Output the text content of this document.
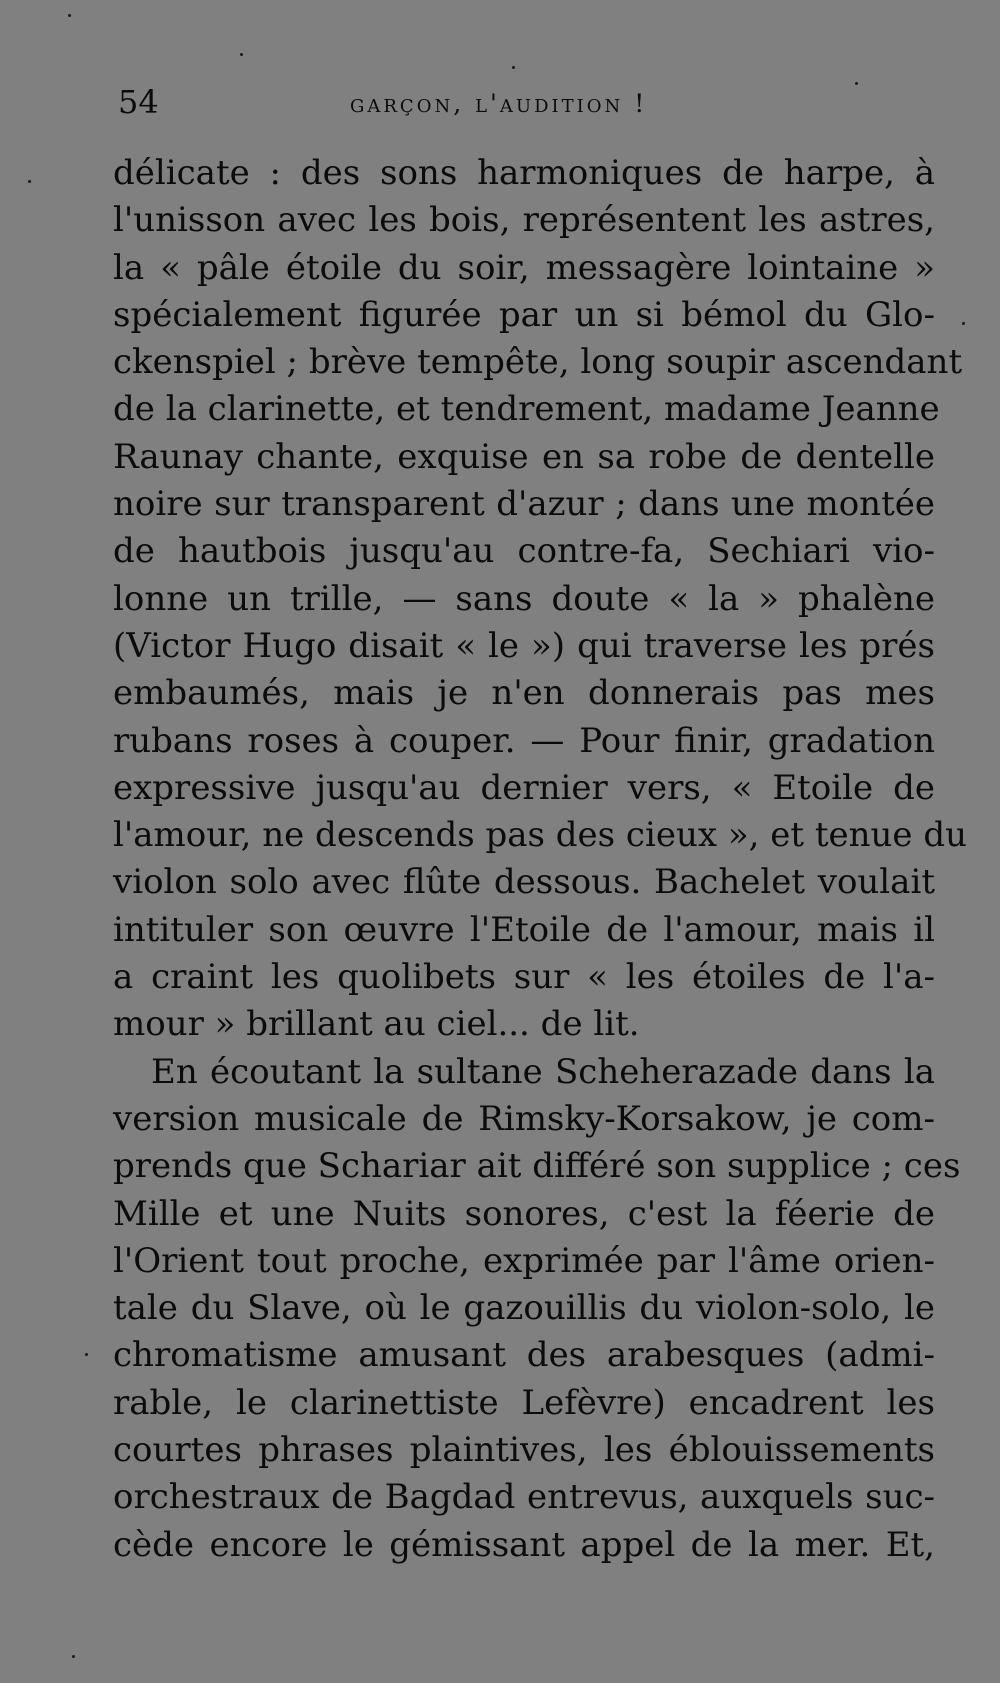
54	garçon, l'audition !
délicate : des sons harmoniques de harpe, à
l'unisson avec les bois, représentent les astres,
la « pâle étoile du soir, messagère lointaine »
spécialement figurée par un si bémol du Glo-
ckenspiel ; brève tempête, long soupir ascendant
de la clarinette, et tendrement, madame Jeanne
Raunay chante, exquise en sa robe de dentelle
noire sur transparent d'azur ; dans une montée
de hautbois jusqu'au contre-fa, Sechiari vio-
lonne un trille, — sans doute « la » phalène
(Victor Hugo disait « le ») qui traverse les prés
embaumés, mais je n'en donnerais pas mes
rubans roses à couper. — Pour finir, gradation
expressive jusqu'au dernier vers, « Etoile de
l'amour, ne descends pas des cieux », et tenue du
violon solo avec flûte dessous. Bachelet voulait
intituler son œuvre l'Etoile de l'amour, mais il
a craint les quolibets sur « les étoiles de l'a-
mour » brillant au ciel... de lit.
En écoutant la sultane Scheherazade dans la
version musicale de Rimsky-Korsakow, je com-
prends que Schariar ait différé son supplice ; ces
Mille et une Nuits sonores, c'est la féerie de
l'Orient tout proche, exprimée par l'âme orien-
tale du Slave, où le gazouillis du violon-solo, le
chromatisme amusant des arabesques (admi-
rable, le clarinettiste Lefèvre) encadrent les
courtes phrases plaintives, les éblouissements
orchestraux de Bagdad entrevus, auxquels suc-
cède encore le gémissant appel de la mer. Et,
